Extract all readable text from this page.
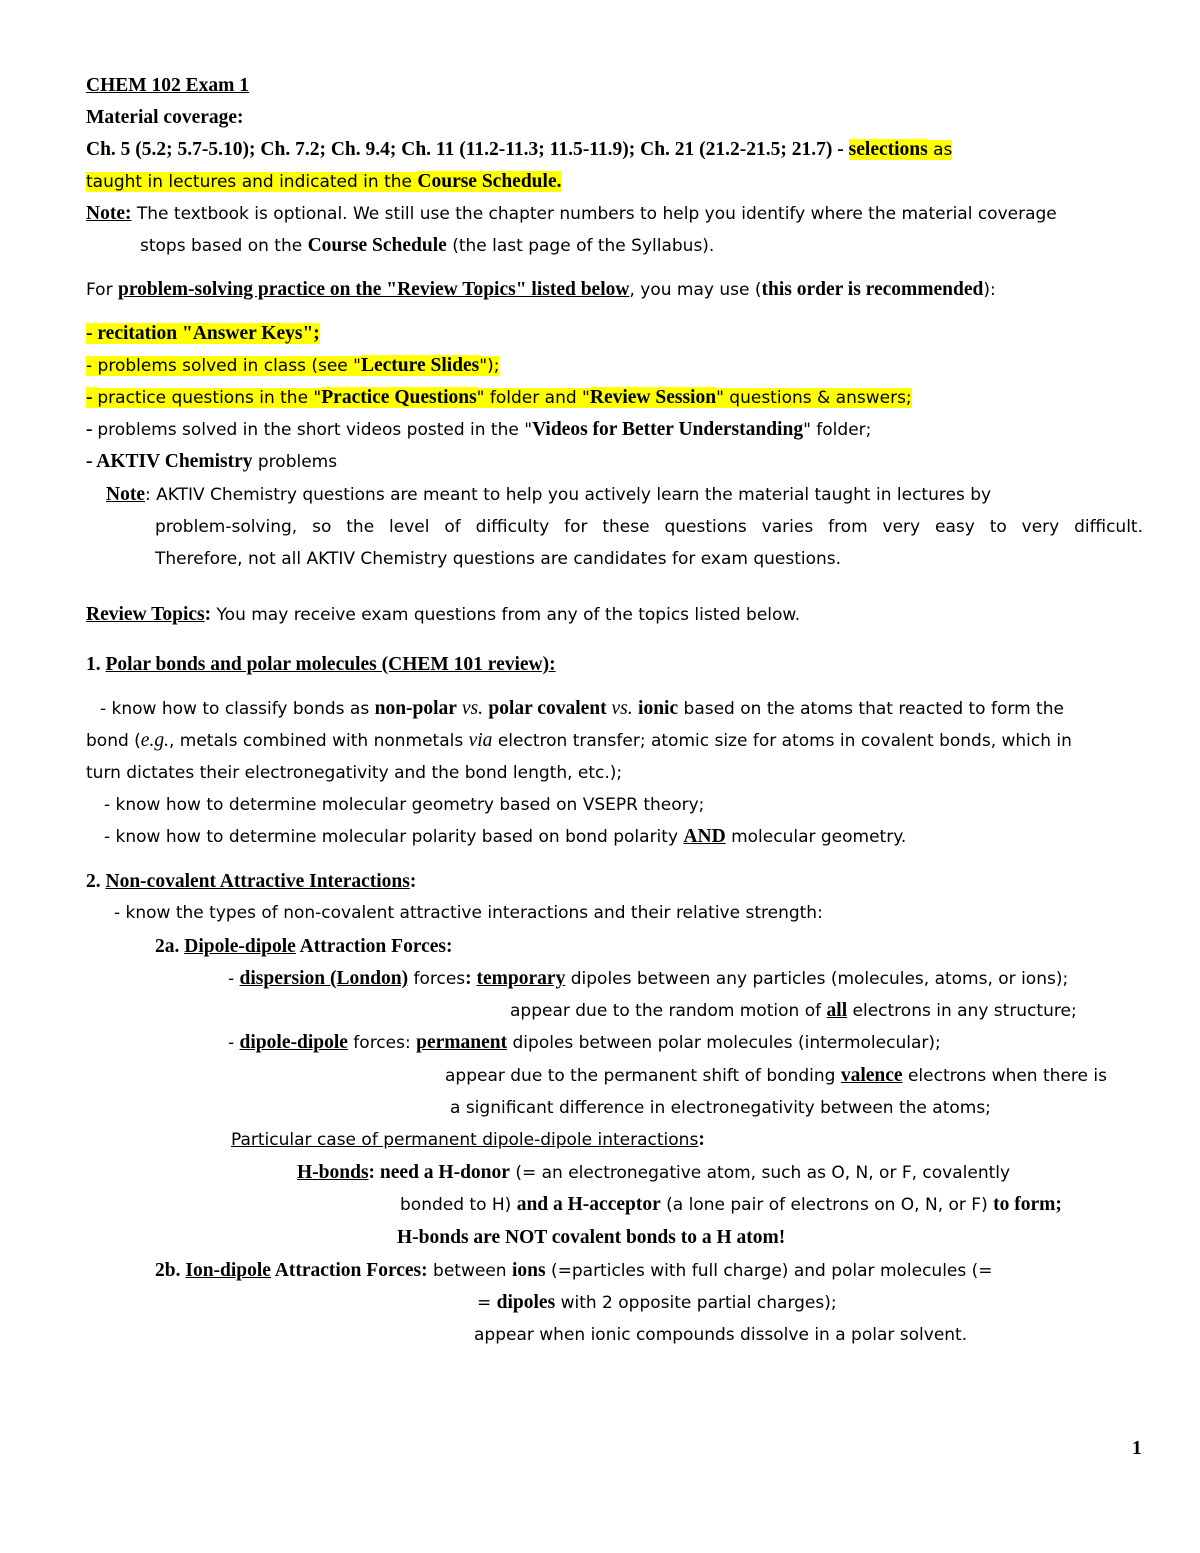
CHEM 102 Exam 1
Material coverage:
Ch. 5 (5.2; 5.7-5.10); Ch. 7.2; Ch. 9.4; Ch. 11 (11.2-11.3; 11.5-11.9); Ch. 21 (21.2-21.5; 21.7) - selections as
taught in lectures and indicated in the Course Schedule.
Note: The textbook is optional. We still use the chapter numbers to help you identify where the material coverage
stops based on the Course Schedule (the last page of the Syllabus).
For problem-solving practice on the "Review Topics" listed below, you may use (this order is recommended):
- recitation "Answer Keys";
- problems solved in class (see "Lecture Slides");
- practice questions in the "Practice Questions" folder and "Review Session" questions & answers;
- problems solved in the short videos posted in the "Videos for Better Understanding" folder;
- AKTIV Chemistry problems
Note: AKTIV Chemistry questions are meant to help you actively learn the material taught in lectures by
problem-solving, so the level of difficulty for these questions varies from very easy to very difficult.
Therefore, not all AKTIV Chemistry questions are candidates for exam questions.
Review Topics: You may receive exam questions from any of the topics listed below.
1. Polar bonds and polar molecules (CHEM 101 review):
- know how to classify bonds as non-polar vs. polar covalent vs. ionic based on the atoms that reacted to form the
bond (e.g., metals combined with nonmetals via electron transfer; atomic size for atoms in covalent bonds, which in
turn dictates their electronegativity and the bond length, etc.);
- know how to determine molecular geometry based on VSEPR theory;
- know how to determine molecular polarity based on bond polarity AND molecular geometry.
2. Non-covalent Attractive Interactions:
- know the types of non-covalent attractive interactions and their relative strength:
2a. Dipole-dipole Attraction Forces:
- dispersion (London) forces: temporary dipoles between any particles (molecules, atoms, or ions);
appear due to the random motion of all electrons in any structure;
- dipole-dipole forces: permanent dipoles between polar molecules (intermolecular);
appear due to the permanent shift of bonding valence electrons when there is
a significant difference in electronegativity between the atoms;
Particular case of permanent dipole-dipole interactions:
H-bonds: need a H-donor (= an electronegative atom, such as O, N, or F, covalently
bonded to H) and a H-acceptor (a lone pair of electrons on O, N, or F) to form;
H-bonds are NOT covalent bonds to a H atom!
2b. Ion-dipole Attraction Forces: between ions (=particles with full charge) and polar molecules (=
= dipoles with 2 opposite partial charges);
appear when ionic compounds dissolve in a polar solvent.
1
